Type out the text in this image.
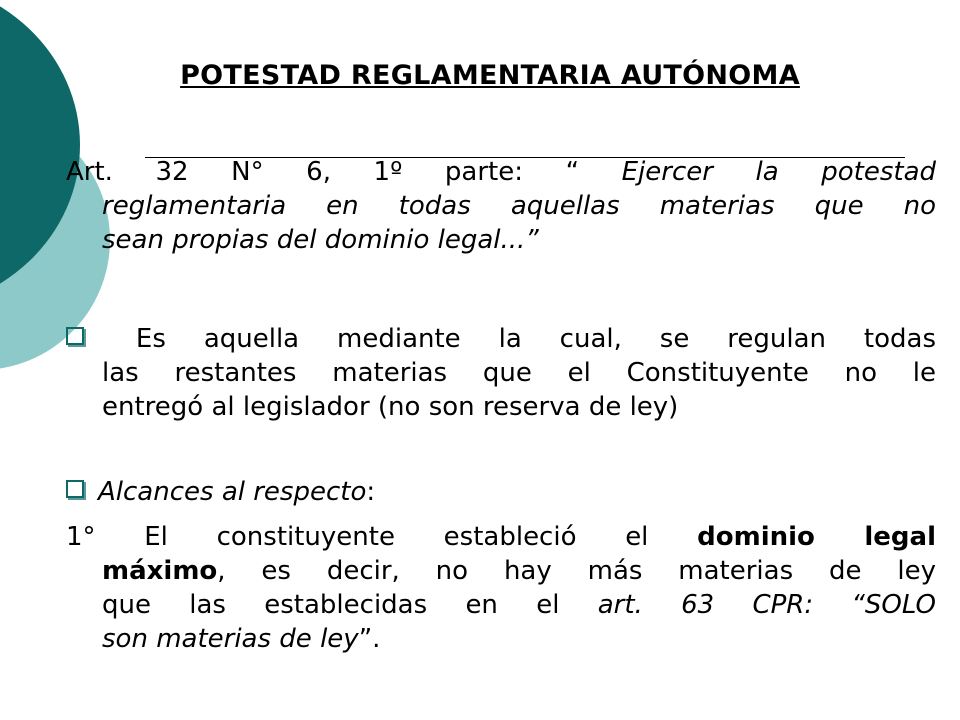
POTESTAD REGLAMENTARIA AUTÓNOMA
Art. 32 N° 6, 1º parte: “ Ejercer la potestad
reglamentaria en todas aquellas materias que no
sean propias del dominio legal...”
Es aquella mediante la cual, se regulan todas
las restantes materias que el Constituyente no le
entregó al legislador (no son reserva de ley)
Alcances al respecto:
1° El constituyente estableció el dominio legal
máximo, es decir, no hay más materias de ley
que las establecidas en el art. 63 CPR: “SOLO
son materias de ley”.
